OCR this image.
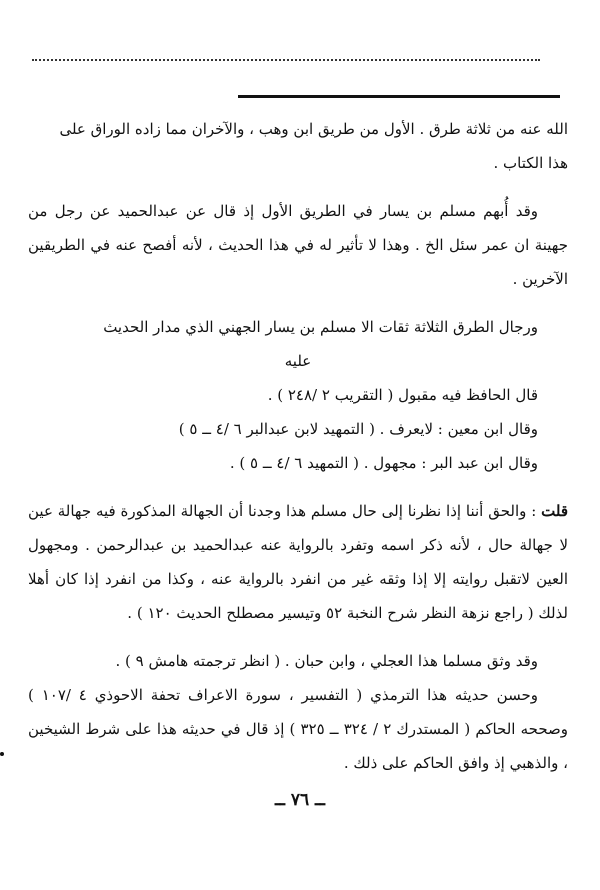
الله عنه من ثلاثة طرق . الأول من طريق ابن وهب ، والآخران مما زاده الوراق على
هذا الكتاب .

وقد أُبهم مسلم بن يسار في الطريق الأول إذ قال عن عبدالحميد عن رجل من جهينة ان عمر سئل الخ . وهذا لا تأثير له في هذا الحديث ، لأنه أفصح عنه في الطريقين الآخرين .

ورجال الطرق الثلاثة ثقات الا مسلم بن يسار الجهني الذي مدار الحديث
عليه

قال الحافظ فيه مقبول ( التقريب ٢ /٢٤٨ ) .
وقال ابن معين : لايعرف . ( التمهيد لابن عبدالبر ٦ /٤ ــ ٥ )
وقال ابن عبد البر : مجهول . ( التمهيد ٦ /٤ ــ ٥ ) .

قلت : والحق أننا إذا نظرنا إلى حال مسلم هذا وجدنا أن الجهالة المذكورة فيه جهالة عين لا جهالة حال ، لأنه ذكر اسمه وتفرد بالرواية عنه عبدالحميد بن عبدالرحمن . ومجهول العين لاتقبل روايته إلا إذا وثقه غير من انفرد بالرواية عنه ، وكذا من انفرد إذا كان أهلا لذلك ( راجع نزهة النظر شرح النخبة ٥٢ وتيسير مصطلح الحديث ١٢٠ ) .

وقد وثق مسلما هذا العجلي ، وابن حبان . ( انظر ترجمته هامش ٩ ) .

وحسن حديثه هذا الترمذي ( التفسير ، سورة الاعراف تحفة الاحوذي ٤ /١٠٧ ) وصححه الحاكم ( المستدرك ٢ / ٣٢٤ ــ ٣٢٥ ) إذ قال في حديثه هذا على شرط الشيخين ، والذهبي إذ وافق الحاكم على ذلك .

ــ ٧٦ ــ
